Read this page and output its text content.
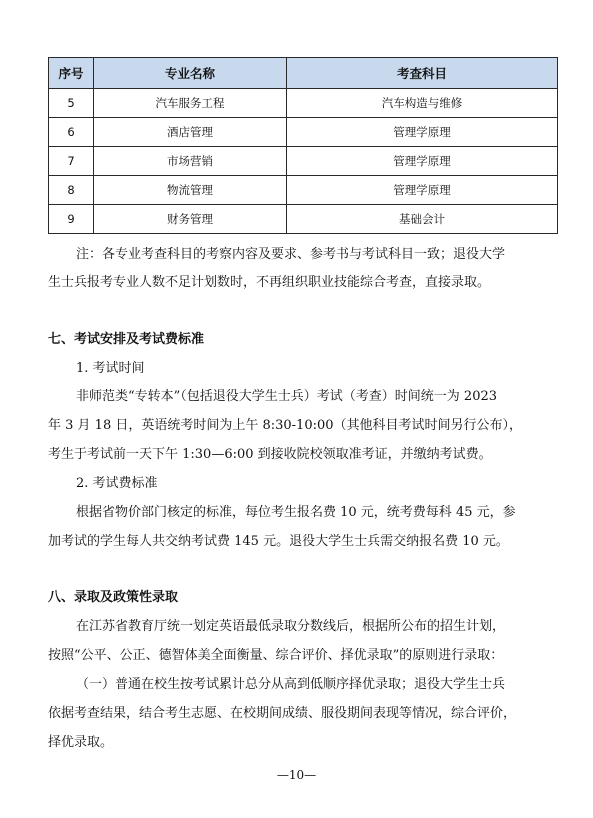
序号	专业名称	考查科目
5	汽车服务工程	汽车构造与维修
6	酒店管理	管理学原理
7	市场营销	管理学原理
8	物流管理	管理学原理
9	财务管理	基础会计

注：各专业考查科目的考察内容及要求、参考书与考试科目一致；退役大学

生士兵报考专业人数不足计划数时，不再组织职业技能综合考查，直接录取。

七、考试安排及考试费标准

1. 考试时间

非师范类“专转本”（包括退役大学生士兵）考试（考查）时间统一为 2023

年 3 月 18 日，英语统考时间为上午 8:30-10:00（其他科目考试时间另行公布），

考生于考试前一天下午 1:30—6:00 到接收院校领取准考证，并缴纳考试费。

2. 考试费标准

根据省物价部门核定的标准，每位考生报名费 10 元，统考费每科 45 元，参

加考试的学生每人共交纳考试费 145 元。退役大学生士兵需交纳报名费 10 元。

八、录取及政策性录取

在江苏省教育厅统一划定英语最低录取分数线后，根据所公布的招生计划，

按照“公平、公正、德智体美全面衡量、综合评价、择优录取”的原则进行录取：

（一）普通在校生按考试累计总分从高到低顺序择优录取；退役大学生士兵

依据考查结果，结合考生志愿、在校期间成绩、服役期间表现等情况，综合评价，

择优录取。

—10—
